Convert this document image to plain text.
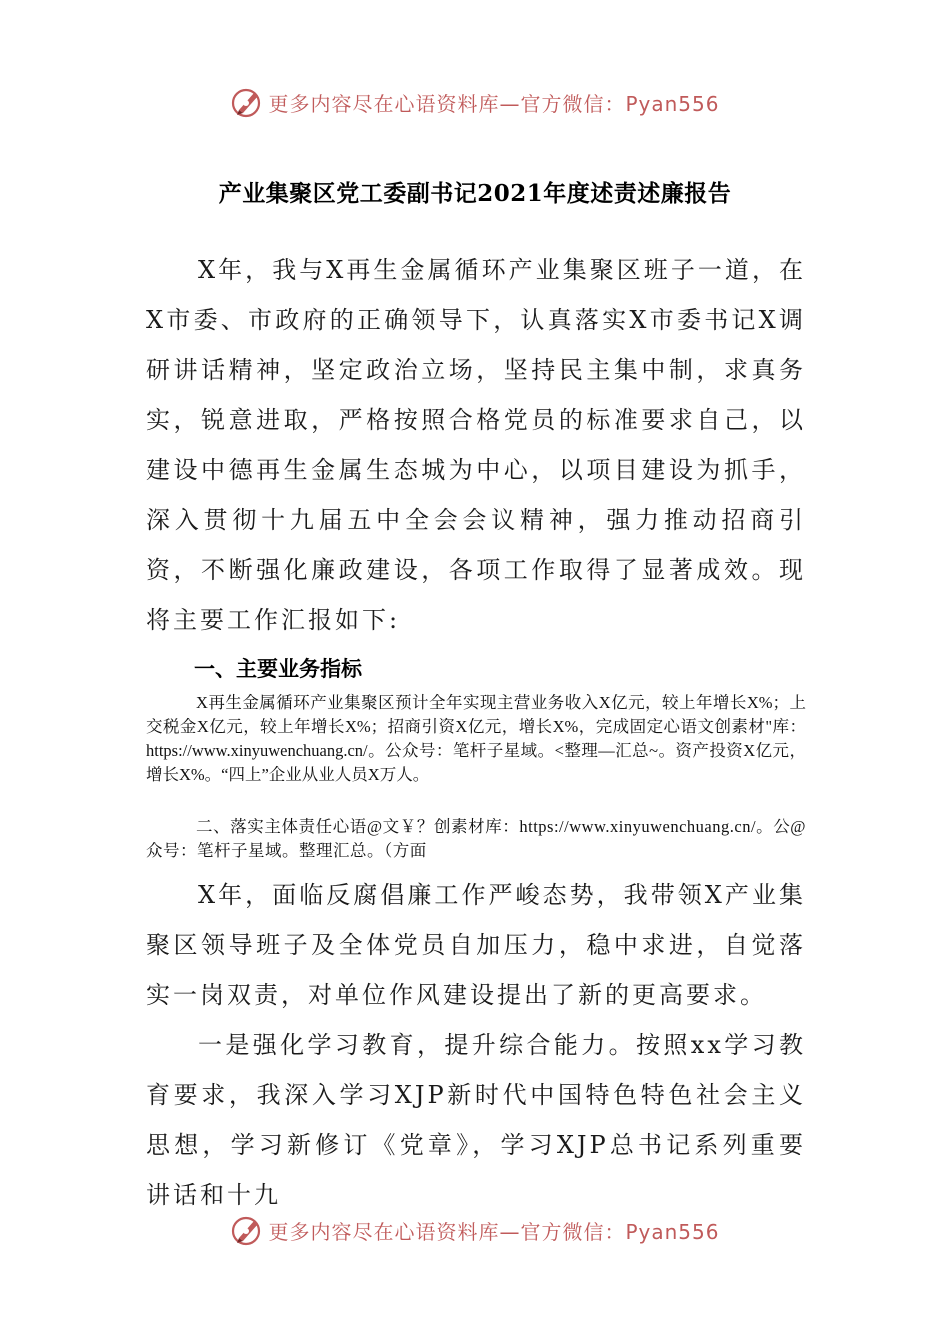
更多内容尽在心语资料库—官方微信：Pyan556
产业集聚区党工委副书记2021年度述责述廉报告

X年，我与X再生金属循环产业集聚区班子一道，在X市委、市政府的正确领导下，认真落实X市委书记X调研讲话精神，坚定政治立场，坚持民主集中制，求真务实，锐意进取，严格按照合格党员的标准要求自己，以建设中德再生金属生态城为中心，以项目建设为抓手，深入贯彻十九届五中全会会议精神，强力推动招商引资，不断强化廉政建设，各项工作取得了显著成效。现将主要工作汇报如下:

一、主要业务指标

X再生金属循环产业集聚区预计全年实现主营业务收入X亿元，较上年增长X%；上交税金X亿元，较上年增长X%；招商引资X亿元，增长X%，完成固定心语文创素材"库：https://www.xinyuwenchuang.cn/。公众号：笔杆子星域。<整理—汇总~。资产投资X亿元，增长X%。“四上”企业从业人员X万人。

二、落实主体责任心语@文￥？创素材库：https://www.xinyuwenchuang.cn/。公@众号：笔杆子星域。整理汇总。（方面

X年，面临反腐倡廉工作严峻态势，我带领X产业集聚区领导班子及全体党员自加压力，稳中求进，自觉落实一岗双责，对单位作风建设提出了新的更高要求。

一是强化学习教育，提升综合能力。按照xx学习教育要求，我深入学习XJP新时代中国特色特色社会主义思想，学习新修订《党章》，学习XJP总书记系列重要讲话和十九

更多内容尽在心语资料库—官方微信：Pyan556
